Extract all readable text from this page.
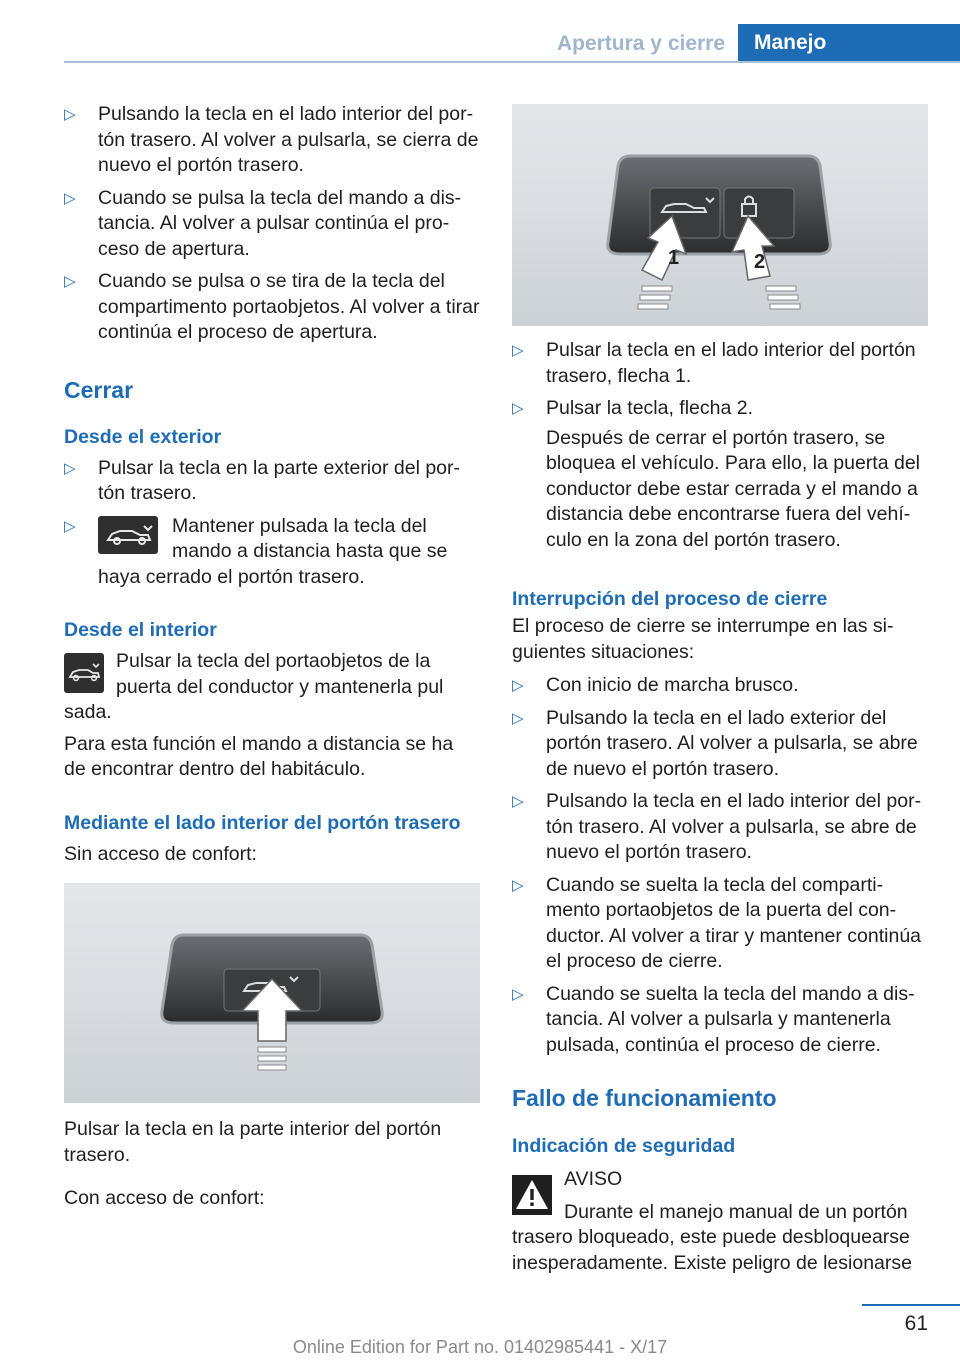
Apertura y cierre	Manejo
▷ Pulsando la tecla en el lado interior del portón trasero. Al volver a pulsarla, se cierra de nuevo el portón trasero.
▷ Cuando se pulsa la tecla del mando a distancia. Al volver a pulsar continúa el proceso de apertura.
▷ Cuando se pulsa o se tira de la tecla del compartimento portaobjetos. Al volver a tirar continúa el proceso de apertura.
Cerrar
Desde el exterior
▷ Pulsar la tecla en la parte exterior del portón trasero.
▷	Mantener pulsada la tecla del mando a distancia hasta que se

haya cerrado el portón trasero.

Desde el interior
Pulsar la tecla del portaobjetos de la puerta del conductor y mantenerla pul

sada.

Para esta función el mando a distancia se ha de encontrar dentro del habitáculo.

Mediante el lado interior del portón trasero

Sin acceso de confort:

Pulsar la tecla en la parte interior del portón trasero.

Con acceso de confort:

1	2
▷ Pulsar la tecla en el lado interior del portón trasero, flecha 1.
▷ Pulsar la tecla, flecha 2.

Después de cerrar el portón trasero, se bloquea el vehículo. Para ello, la puerta del conductor debe estar cerrada y el mando a distancia debe encontrarse fuera del vehículo en la zona del portón trasero.

Interrupción del proceso de cierre

El proceso de cierre se interrumpe en las siguientes situaciones:

▷ Con inicio de marcha brusco.
▷ Pulsando la tecla en el lado exterior del portón trasero. Al volver a pulsarla, se abre de nuevo el portón trasero.
▷ Pulsando la tecla en el lado interior del portón trasero. Al volver a pulsarla, se abre de nuevo el portón trasero.
▷ Cuando se suelta la tecla del compartimento portaobjetos de la puerta del conductor. Al volver a tirar y mantener continúa el proceso de cierre.
▷ Cuando se suelta la tecla del mando a distancia. Al volver a pulsarla y mantenerla pulsada, continúa el proceso de cierre.
Fallo de funcionamiento
Indicación de seguridad

AVISO

Durante el manejo manual de un portón

trasero bloqueado, este puede desbloquearse inesperadamente. Existe peligro de lesionarse

61
Online Edition for Part no. 01402985441 - X/17
